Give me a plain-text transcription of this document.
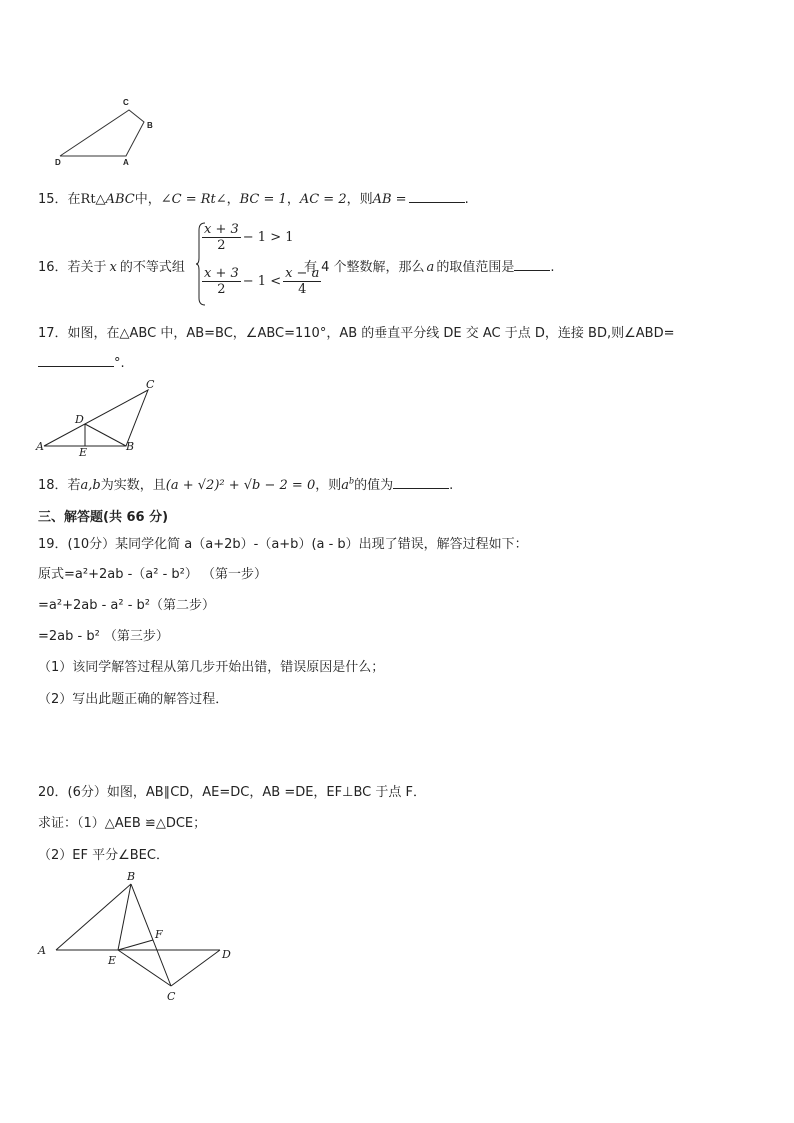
C
B
D	A
15．在Rt△ABC中，∠C = Rt∠，BC = 1，AC = 2，则AB =	.
16．若关于 x 的不等式组
$\frac{x + 3}{2} - 1 > 1$
$\frac{x + 3}{2} - 1 < \frac{x - a}{4}$
有 4 个整数解，那么 a 的取值范围是	.
17．如图，在△ABC 中，AB=BC，∠ABC=110°，AB 的垂直平分线 DE 交 AC 于点 D，连接 BD,则∠ABD=
°.
A	B
C
D
E
18．若a,b为实数，且(a + √2)² + √b − 2 = 0，则$a^b$的值为	.
三、解答题(共 66 分)
19．(10分）某同学化简 a（a+2b）-（a+b）(a - b）出现了错误，解答过程如下：
原式=a²+2ab -（a² - b²） （第一步）
=a²+2ab - a² - b²（第二步）
=2ab - b² （第三步）
（1）该同学解答过程从第几步开始出错，错误原因是什么；
（2）写出此题正确的解答过程．
20．(6分）如图，AB∥CD，AE=DC，AB =DE，EF⊥BC 于点 F．
求证：（1）△AEB ≌△DCE；
（2）EF 平分∠BEC．
A
B
C
D
E
F
